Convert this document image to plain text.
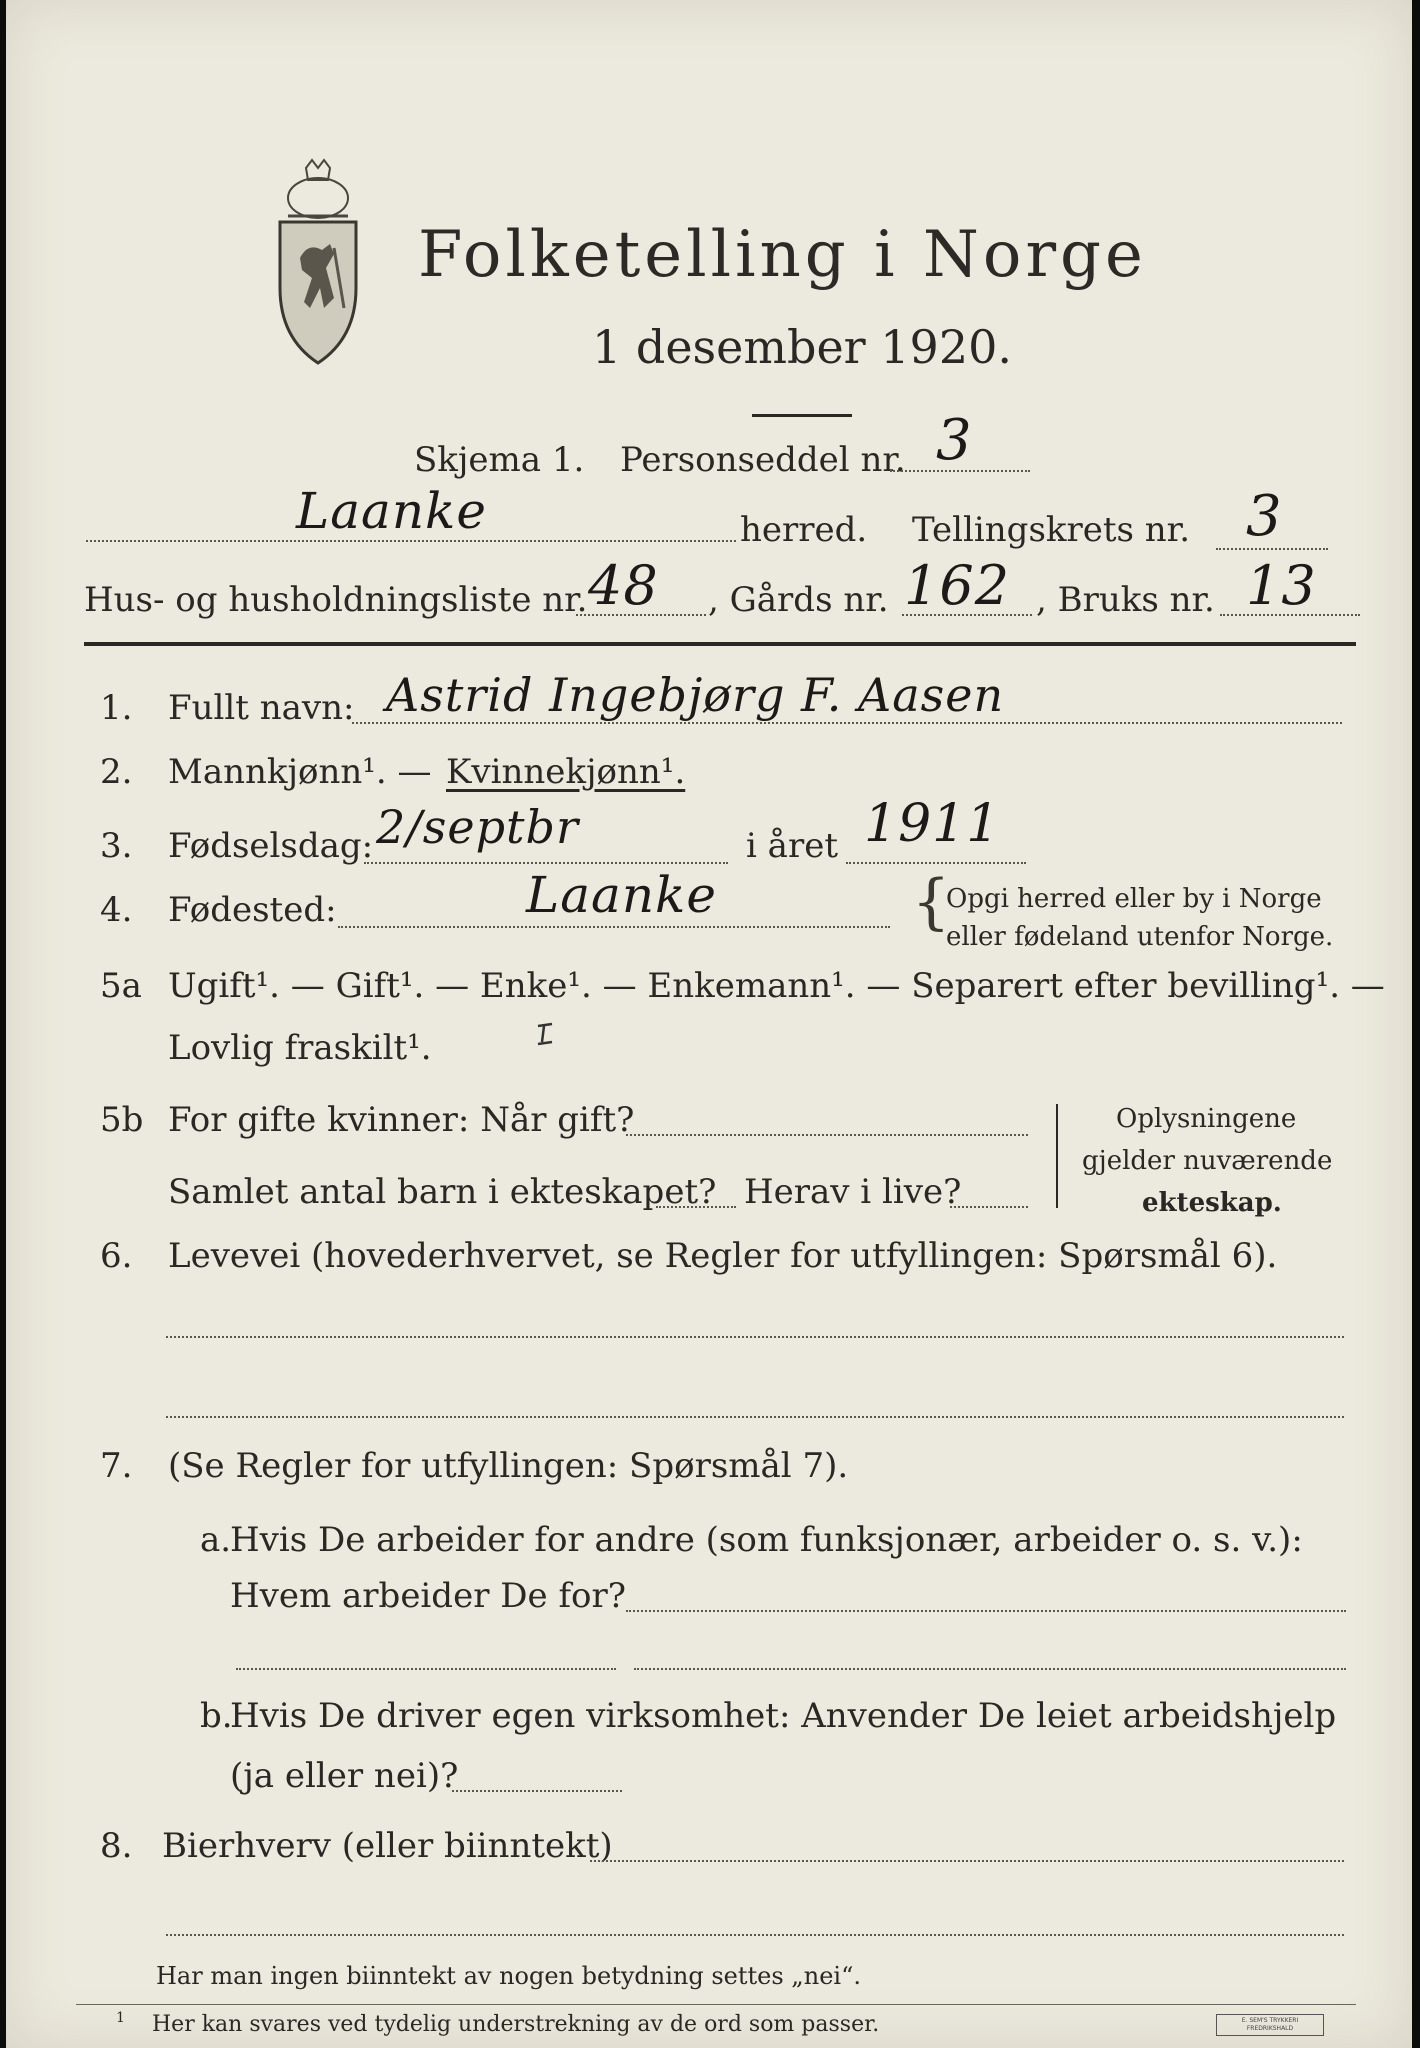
Folketelling i Norge
1 desember 1920.
Skjema 1. Personseddel nr. 3
Laanke	herred. Tellingskrets nr. 3
Hus- og husholdningsliste nr. 48 , Gårds nr. 162 , Bruks nr. 13
1. Fullt navn: Astrid Ingebjørg F. Aasen
2. Mannkjønn¹. — Kvinnekjønn¹.
3. Fødselsdag: 2/septbr	i året 1911
4. Fødested:	Laanke	{
Opgi herred eller by i Norge
eller fødeland utenfor Norge.
5a Ugift¹. — Gift¹. — Enke¹. — Enkemann¹. — Separert efter bevilling¹. —
Lovlig fraskilt¹.
5b For gifte kvinner: Når gift?
Samlet antal barn i ekteskapet? Herav i live?
Oplysningene
gjelder nuværende
ekteskap.
6. Levevei (hovederhvervet, se Regler for utfyllingen: Spørsmål 6).
7. (Se Regler for utfyllingen: Spørsmål 7).
a.
Hvis De arbeider for andre (som funksjonær, arbeider o. s. v.):
Hvem arbeider De for?
b.
Hvis De driver egen virksomhet: Anvender De leiet arbeidshjelp
(ja eller nei)?
8. Bierhverv (eller biinntekt)
Har man ingen biinntekt av nogen betydning settes „nei“.
1 Her kan svares ved tydelig understrekning av de ord som passer.	E. SEM'S TRYKKERI FREDRIKSHALD
